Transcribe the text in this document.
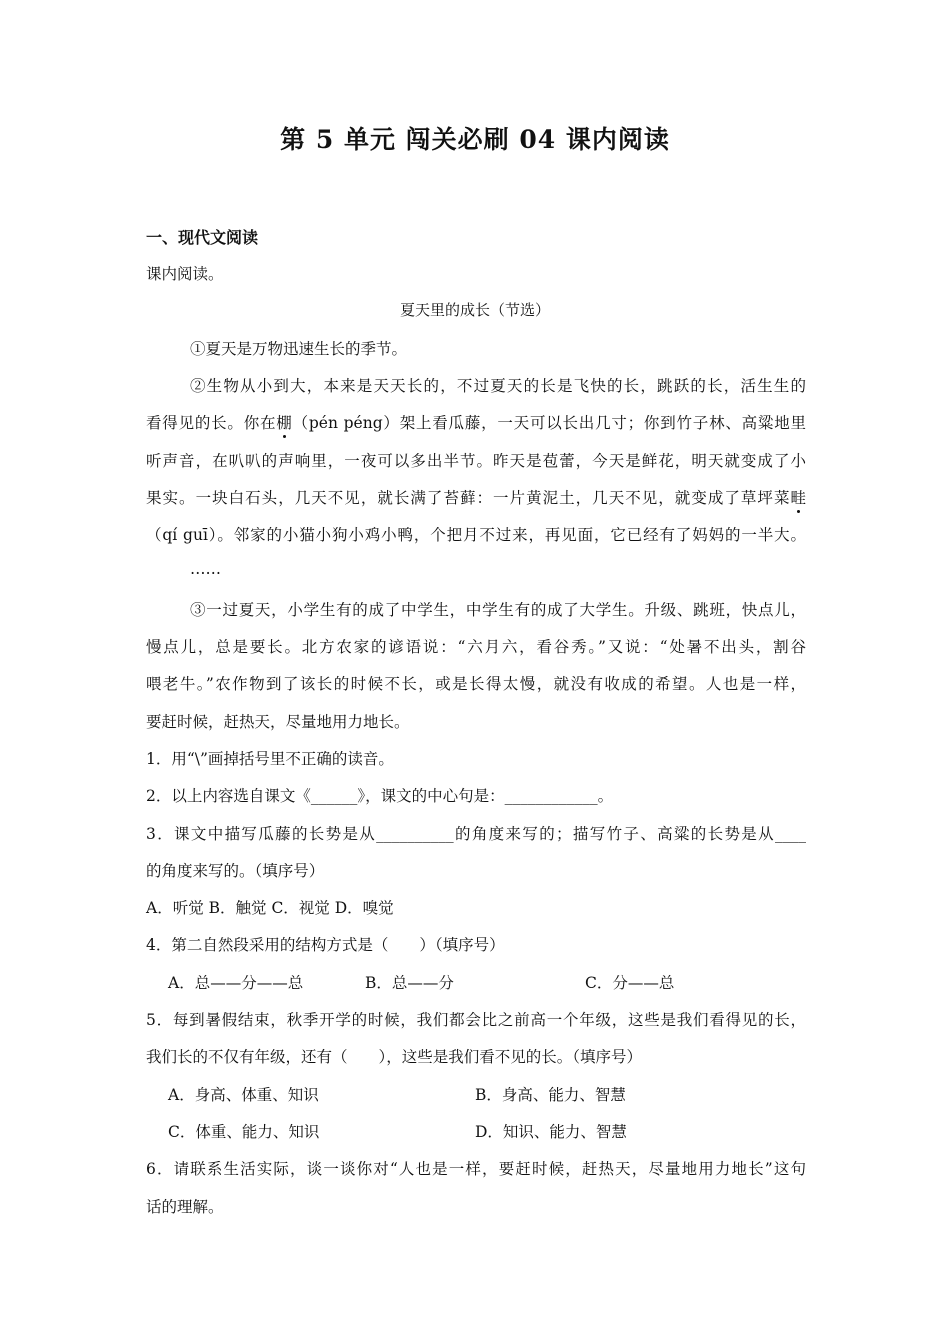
第 5 单元 闯关必刷 04 课内阅读
一、现代文阅读
课内阅读。
夏天里的成长（节选）
①夏天是万物迅速生长的季节。
②生物从小到大，本来是天天长的，不过夏天的长是飞快的长，跳跃的长，活生生的
看得见的长。你在棚（pén péng）架上看瓜藤，一天可以长出几寸；你到竹子林、高粱地里
听声音，在叭叭的声响里，一夜可以多出半节。昨天是苞蕾，今天是鲜花，明天就变成了小
果实。一块白石头，几天不见，就长满了苔藓：一片黄泥土，几天不见，就变成了草坪菜畦
（qí guī）。邻家的小猫小狗小鸡小鸭，个把月不过来，再见面，它已经有了妈妈的一半大。
……
③一过夏天，小学生有的成了中学生，中学生有的成了大学生。升级、跳班，快点儿，
慢点儿，总是要长。北方农家的谚语说：“六月六，看谷秀。”又说：“处暑不出头，割谷
喂老牛。”农作物到了该长的时候不长，或是长得太慢，就没有收成的希望。人也是一样，
要赶时候，赶热天，尽量地用力地长。
1．用“\”画掉括号里不正确的读音。
2．以上内容选自课文《______》，课文的中心句是：____________。
3．课文中描写瓜藤的长势是从__________的角度来写的；描写竹子、高粱的长势是从____
的角度来写的。（填序号）
A．听觉 B．触觉 C．视觉 D．嗅觉
4．第二自然段采用的结构方式是（　　）（填序号）
A．总——分——总	B．总——分	C．分——总
5．每到暑假结束，秋季开学的时候，我们都会比之前高一个年级，这些是我们看得见的长，
我们长的不仅有年级，还有（　　），这些是我们看不见的长。（填序号）
A．身高、体重、知识	B．身高、能力、智慧
C．体重、能力、知识	D．知识、能力、智慧
6．请联系生活实际，谈一谈你对“人也是一样，要赶时候，赶热天，尽量地用力地长”这句
话的理解。
